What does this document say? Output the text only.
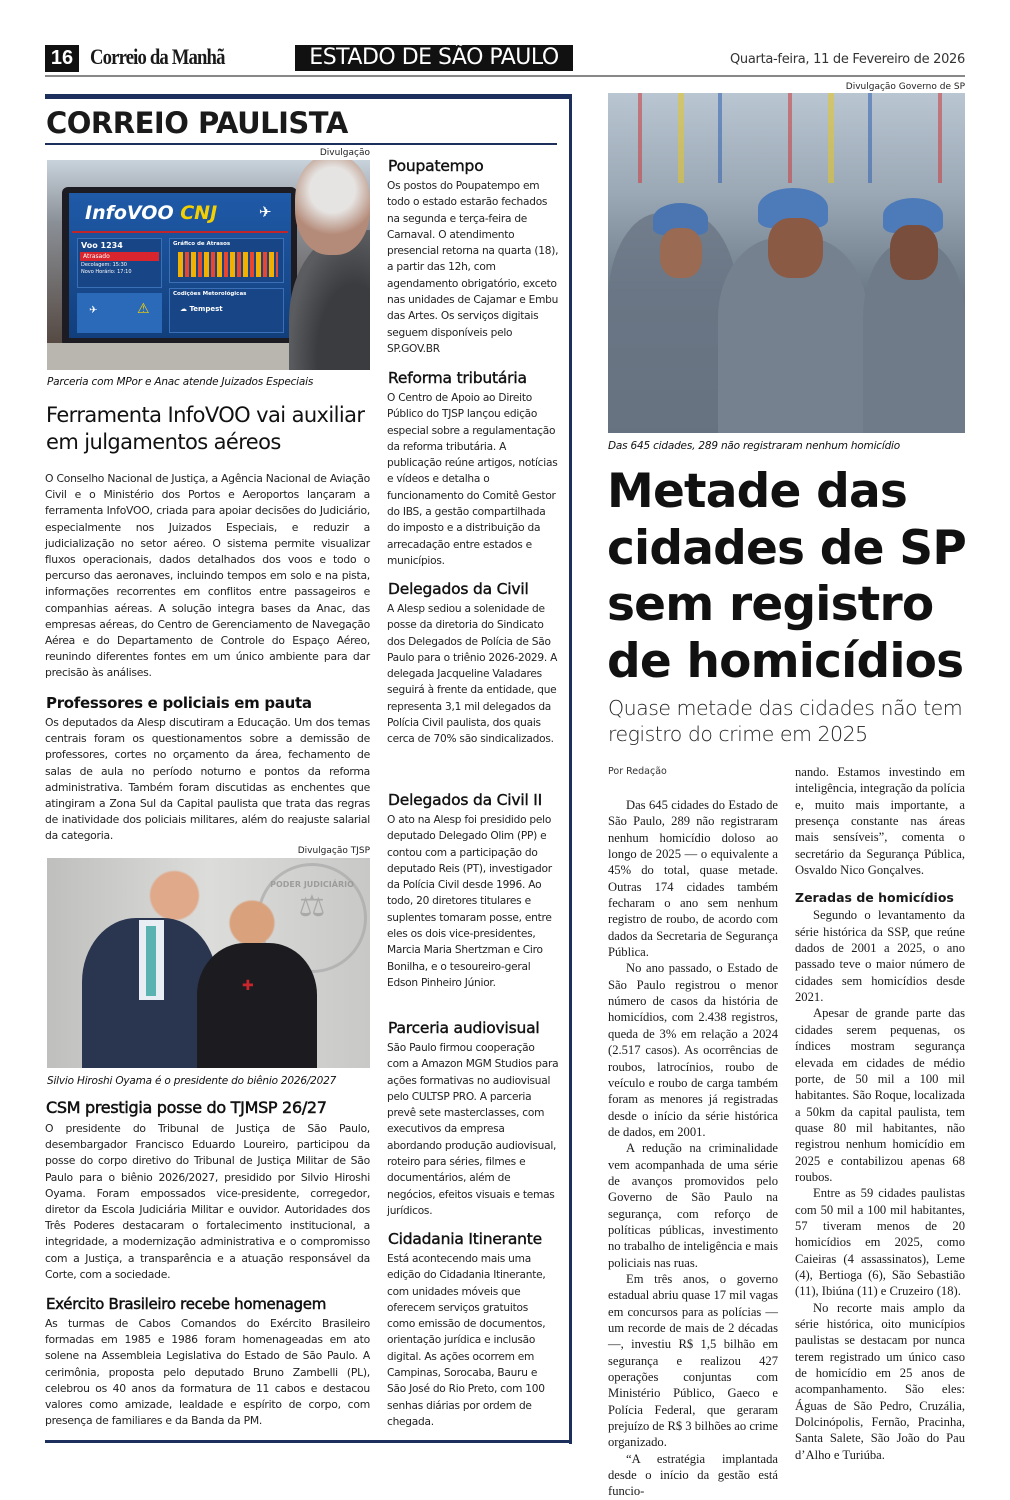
16 Correio da Manhã	ESTADO DE SÃO PAULO	Quarta-feira, 11 de Fevereiro de 2026
CORREIO PAULISTA
Divulgação
InfoVOO CNJ	✈
Voo 1234
Atrasado
Decolagem: 15:30
Novo Horário: 17:10
Gráfico de Atrasos
⚠
✈
Codições Metorológicas
☁ Tempest
Parceria com MPor e Anac atende Juizados Especiais
Ferramenta InfoVOO vai auxiliar em julgamentos aéreos
O Conselho Nacional de Justiça, a Agência Nacional de Aviação Civil e o Ministério dos Portos e Aeroportos lançaram a ferramenta InfoVOO, criada para apoiar decisões do Judiciário, especialmente nos Juizados Especiais, e reduzir a judicialização no setor aéreo. O sistema permite visualizar fluxos operacionais, dados detalhados dos voos e todo o percurso das aeronaves, incluindo tempos em solo e na pista, informações recorrentes em conflitos entre passageiros e companhias aéreas. A solução integra bases da Anac, das empresas aéreas, do Centro de Gerenciamento de Navegação Aérea e do Departamento de Controle do Espaço Aéreo, reunindo diferentes fontes em um único ambiente para dar precisão às análises.
Professores e policiais em pauta
Os deputados da Alesp discutiram a Educação. Um dos temas centrais foram os questionamentos sobre a demissão de professores, cortes no orçamento da área, fechamento de salas de aula no período noturno e pontos da reforma administrativa. Também foram discutidas as enchentes que atingiram a Zona Sul da Capital paulista que trata das regras de inatividade dos policiais militares, além do reajuste salarial da categoria.
Divulgação TJSP
PODER JUDICIÁRIO
⚖
✚
Silvio Hiroshi Oyama é o presidente do biênio 2026/2027
CSM prestigia posse do TJMSP 26/27
O presidente do Tribunal de Justiça de São Paulo, desembargador Francisco Eduardo Loureiro, participou da posse do corpo diretivo do Tribunal de Justiça Militar de São Paulo para o biênio 2026/2027, presidido por Silvio Hiroshi Oyama. Foram empossados vice-presidente, corregedor, diretor da Escola Judiciária Militar e ouvidor. Autoridades dos Três Poderes destacaram o fortalecimento institucional, a integridade, a modernização administrativa e o compromisso com a Justiça, a transparência e a atuação responsável da Corte, com a sociedade.
Exército Brasileiro recebe homenagem
As turmas de Cabos Comandos do Exército Brasileiro formadas em 1985 e 1986 foram homenageadas em ato solene na Assembleia Legislativa do Estado de São Paulo. A cerimônia, proposta pelo deputado Bruno Zambelli (PL), celebrou os 40 anos da formatura de 11 cabos e destacou valores como amizade, lealdade e espírito de corpo, com presença de familiares e da Banda da PM.
Poupatempo
Os postos do Poupatempo em todo o estado estarão fechados na segunda e terça-feira de Carnaval. O atendimento presencial retorna na quarta (18), a partir das 12h, com agendamento obrigatório, exceto nas unidades de Cajamar e Embu das Artes. Os serviços digitais seguem disponíveis pelo SP.GOV.BR
Reforma tributária
O Centro de Apoio ao Direito Público do TJSP lançou edição especial sobre a regulamentação da reforma tributária. A publicação reúne artigos, notícias e vídeos e detalha o funcionamento do Comitê Gestor do IBS, a gestão compartilhada do imposto e a distribuição da arrecadação entre estados e municípios.
Delegados da Civil
A Alesp sediou a solenidade de posse da diretoria do Sindicato dos Delegados de Polícia de São Paulo para o triênio 2026-2029. A delegada Jacqueline Valadares seguirá à frente da entidade, que representa 3,1 mil delegados da Polícia Civil paulista, dos quais cerca de 70% são sindicalizados.
Delegados da Civil II
O ato na Alesp foi presidido pelo deputado Delegado Olim (PP) e contou com a participação do deputado Reis (PT), investigador da Polícia Civil desde 1996. Ao todo, 20 diretores titulares e suplentes tomaram posse, entre eles os dois vice-presidentes, Marcia Maria Shertzman e Ciro Bonilha, e o tesoureiro-geral Edson Pinheiro Júnior.
Parceria audiovisual
São Paulo firmou cooperação com a Amazon MGM Studios para ações formativas no audiovisual pelo CULTSP PRO. A parceria prevê sete masterclasses, com executivos da empresa abordando produção audiovisual, roteiro para séries, filmes e documentários, além de negócios, efeitos visuais e temas jurídicos.
Cidadania Itinerante
Está acontecendo mais uma edição do Cidadania Itinerante, com unidades móveis que oferecem serviços gratuitos como emissão de documentos, orientação jurídica e inclusão digital. As ações ocorrem em Campinas, Sorocaba, Bauru e São José do Rio Preto, com 100 senhas diárias por ordem de chegada.
Divulgação Governo de SP
Das 645 cidades, 289 não registraram nenhum homicídio
Metade das cidades de SP sem registro de homicídios
Quase metade das cidades não tem registro do crime em 2025
Por Redação

Das 645 cidades do Estado de São Paulo, 289 não registraram nenhum homicídio doloso ao longo de 2025 — o equivalente a 45% do total, quase metade. Outras 174 cidades também fecharam o ano sem nenhum registro de roubo, de acordo com dados da Secretaria de Segurança Pública.

No ano passado, o Estado de São Paulo registrou o menor número de casos da história de homicídios, com 2.438 registros, queda de 3% em relação a 2024 (2.517 casos). As ocorrências de roubos, latrocínios, roubo de veículo e roubo de carga também foram as menores já registradas desde o início da série histórica de dados, em 2001.

A redução na criminalidade vem acompanhada de uma série de avanços promovidos pelo Governo de São Paulo na segurança, com reforço de políticas públicas, investimento no trabalho de inteligência e mais policiais nas ruas.

Em três anos, o governo estadual abriu quase 17 mil vagas em concursos para as polícias — um recorde de mais de 2 décadas —, investiu R$ 1,5 bilhão em segurança e realizou 427 operações conjuntas com Ministério Público, Gaeco e Polícia Federal, que geraram prejuízo de R$ 3 bilhões ao crime organizado.

“A estratégia implantada desde o início da gestão está funcio-

nando. Estamos investindo em inteligência, integração da polícia e, muito mais importante, a presença constante nas áreas mais sensíveis”, comenta o secretário da Segurança Pública, Osvaldo Nico Gonçalves.
Zeradas de homicídios

Segundo o levantamento da série histórica da SSP, que reúne dados de 2001 a 2025, o ano passado teve o maior número de cidades sem homicídios desde 2021.

Apesar de grande parte das cidades serem pequenas, os índices mostram segurança elevada em cidades de médio porte, de 50 mil a 100 mil habitantes. São Roque, localizada a 50km da capital paulista, tem quase 80 mil habitantes, não registrou nenhum homicídio em 2025 e contabilizou apenas 68 roubos.

Entre as 59 cidades paulistas com 50 mil a 100 mil habitantes, 57 tiveram menos de 20 homicídios em 2025, como Caieiras (4 assassinatos), Leme (4), Bertioga (6), São Sebastião (11), Ibiúna (11) e Cruzeiro (18).

No recorte mais amplo da série histórica, oito municípios paulistas se destacam por nunca terem registrado um único caso de homicídio em 25 anos de acompanhamento. São eles: Águas de São Pedro, Cruzália, Dolcinópolis, Fernão, Pracinha, Santa Salete, São João do Pau d’Alho e Turiúba.
